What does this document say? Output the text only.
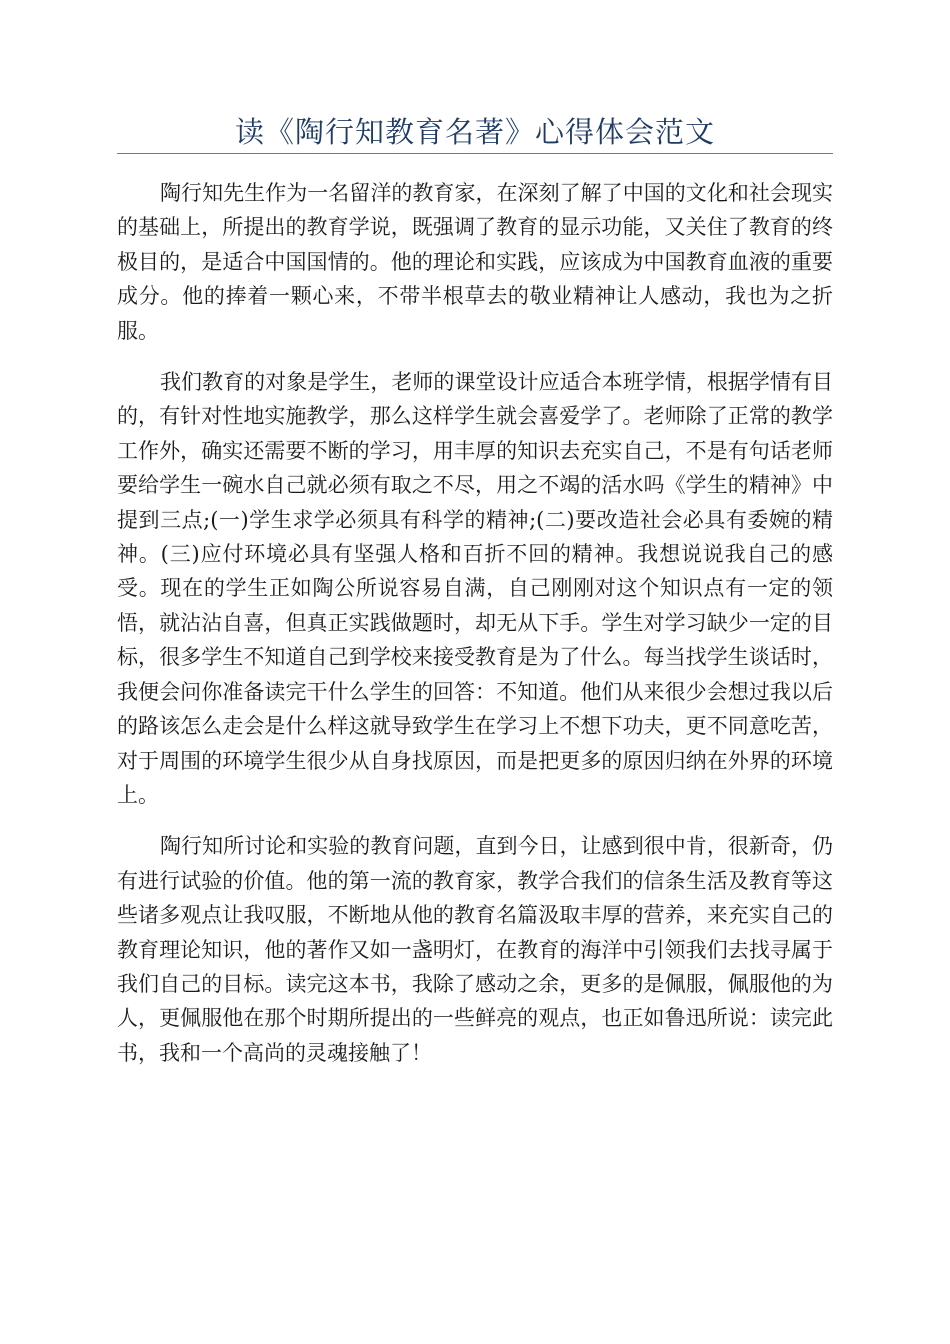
读《陶行知教育名著》心得体会范文

陶行知先生作为一名留洋的教育家，在深刻了解了中国的文化和社会现实的基础上，所提出的教育学说，既强调了教育的显示功能，又关住了教育的终极目的，是适合中国国情的。他的理论和实践，应该成为中国教育血液的重要成分。他的捧着一颗心来，不带半根草去的敬业精神让人感动，我也为之折服。

我们教育的对象是学生，老师的课堂设计应适合本班学情，根据学情有目的，有针对性地实施教学，那么这样学生就会喜爱学了。老师除了正常的教学工作外，确实还需要不断的学习，用丰厚的知识去充实自己，不是有句话老师要给学生一碗水自己就必须有取之不尽，用之不竭的活水吗《学生的精神》中提到三点;(一)学生求学必须具有科学的精神;(二)要改造社会必具有委婉的精神。(三)应付环境必具有坚强人格和百折不回的精神。我想说说我自己的感受。现在的学生正如陶公所说容易自满，自己刚刚对这个知识点有一定的领悟，就沾沾自喜，但真正实践做题时，却无从下手。学生对学习缺少一定的目标，很多学生不知道自己到学校来接受教育是为了什么。每当找学生谈话时，我便会问你准备读完干什么学生的回答：不知道。他们从来很少会想过我以后的路该怎么走会是什么样这就导致学生在学习上不想下功夫，更不同意吃苦，对于周围的环境学生很少从自身找原因，而是把更多的原因归纳在外界的环境上。

陶行知所讨论和实验的教育问题，直到今日，让感到很中肯，很新奇，仍有进行试验的价值。他的第一流的教育家，教学合我们的信条生活及教育等这些诸多观点让我叹服，不断地从他的教育名篇汲取丰厚的营养，来充实自己的教育理论知识，他的著作又如一盏明灯，在教育的海洋中引领我们去找寻属于我们自己的目标。读完这本书，我除了感动之余，更多的是佩服，佩服他的为人，更佩服他在那个时期所提出的一些鲜亮的观点，也正如鲁迅所说：读完此书，我和一个高尚的灵魂接触了！
